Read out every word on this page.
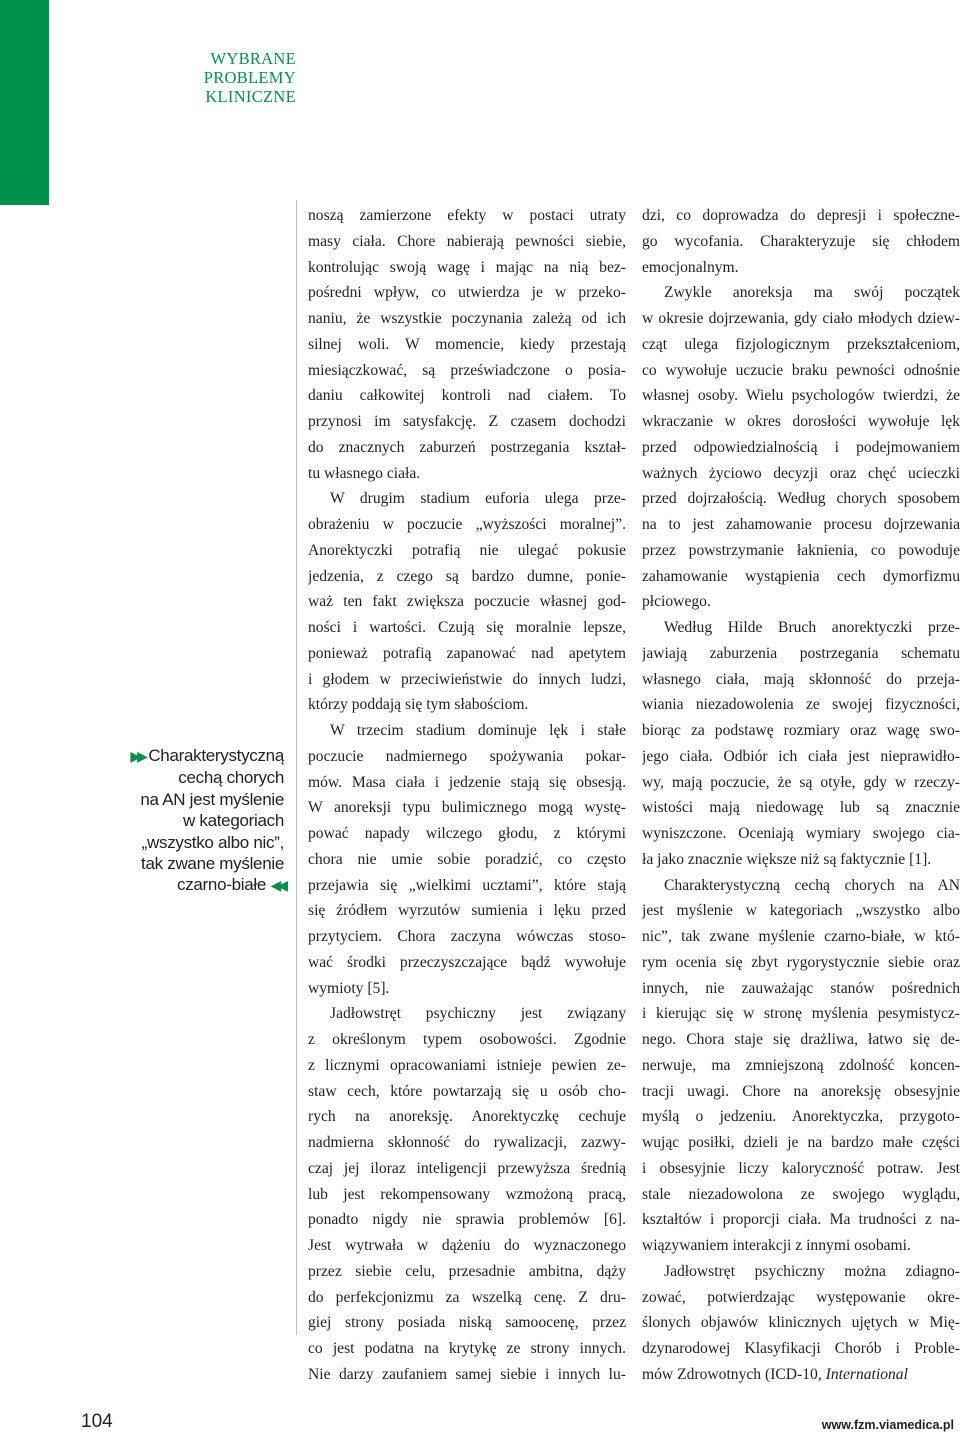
WYBRANE
PROBLEMY
KLINICZNE
▶▶ Charakterystyczną
cechą chorych
na AN jest myślenie
w kategoriach
„wszystko albo nic”,
tak zwane myślenie
czarno-białe ◀◀
noszą zamierzone efekty w postaci utraty
masy ciała. Chore nabierają pewności siebie,
kontrolując swoją wagę i mając na nią bez-
pośredni wpływ, co utwierdza je w przeko-
naniu, że wszystkie poczynania zależą od ich
silnej woli. W momencie, kiedy przestają
miesiączkować, są przeświadczone o posia-
daniu całkowitej kontroli nad ciałem. To
przynosi im satysfakcję. Z czasem dochodzi
do znacznych zaburzeń postrzegania kształ-
tu własnego ciała.
W drugim stadium euforia ulega prze-
obrażeniu w poczucie „wyższości moralnej”.
Anorektyczki potrafią nie ulegać pokusie
jedzenia, z czego są bardzo dumne, ponie-
waż ten fakt zwiększa poczucie własnej god-
ności i wartości. Czują się moralnie lepsze,
ponieważ potrafią zapanować nad apetytem
i głodem w przeciwieństwie do innych ludzi,
którzy poddają się tym słabościom.
W trzecim stadium dominuje lęk i stałe
poczucie nadmiernego spożywania pokar-
mów. Masa ciała i jedzenie stają się obsesją.
W anoreksji typu bulimicznego mogą wystę-
pować napady wilczego głodu, z którymi
chora nie umie sobie poradzić, co często
przejawia się „wielkimi ucztami”, które stają
się źródłem wyrzutów sumienia i lęku przed
przytyciem. Chora zaczyna wówczas stoso-
wać środki przeczyszczające bądź wywołuje
wymioty [5].
Jadłowstręt psychiczny jest związany
z określonym typem osobowości. Zgodnie
z licznymi opracowaniami istnieje pewien ze-
staw cech, które powtarzają się u osób cho-
rych na anoreksję. Anorektyczkę cechuje
nadmierna skłonność do rywalizacji, zazwy-
czaj jej iloraz inteligencji przewyższa średnią
lub jest rekompensowany wzmożoną pracą,
ponadto nigdy nie sprawia problemów [6].
Jest wytrwała w dążeniu do wyznaczonego
przez siebie celu, przesadnie ambitna, dąży
do perfekcjonizmu za wszelką cenę. Z dru-
giej strony posiada niską samoocenę, przez
co jest podatna na krytykę ze strony innych.
Nie darzy zaufaniem samej siebie i innych lu-
dzi, co doprowadza do depresji i społeczne-
go wycofania. Charakteryzuje się chłodem
emocjonalnym.
Zwykle anoreksja ma swój początek
w okresie dojrzewania, gdy ciało młodych dziew-
cząt ulega fizjologicznym przekształceniom,
co wywołuje uczucie braku pewności odnośnie
własnej osoby. Wielu psychologów twierdzi, że
wkraczanie w okres dorosłości wywołuje lęk
przed odpowiedzialnością i podejmowaniem
ważnych życiowo decyzji oraz chęć ucieczki
przed dojrzałością. Według chorych sposobem
na to jest zahamowanie procesu dojrzewania
przez powstrzymanie łaknienia, co powoduje
zahamowanie wystąpienia cech dymorfizmu
płciowego.
Według Hilde Bruch anorektyczki prze-
jawiają zaburzenia postrzegania schematu
własnego ciała, mają skłonność do przeja-
wiania niezadowolenia ze swojej fizyczności,
biorąc za podstawę rozmiary oraz wagę swo-
jego ciała. Odbiór ich ciała jest nieprawidło-
wy, mają poczucie, że są otyłe, gdy w rzeczy-
wistości mają niedowagę lub są znacznie
wyniszczone. Oceniają wymiary swojego cia-
ła jako znacznie większe niż są faktycznie [1].
Charakterystyczną cechą chorych na AN
jest myślenie w kategoriach „wszystko albo
nic”, tak zwane myślenie czarno-białe, w któ-
rym ocenia się zbyt rygorystycznie siebie oraz
innych, nie zauważając stanów pośrednich
i kierując się w stronę myślenia pesymistycz-
nego. Chora staje się drażliwa, łatwo się de-
nerwuje, ma zmniejszoną zdolność koncen-
tracji uwagi. Chore na anoreksję obsesyjnie
myślą o jedzeniu. Anorektyczka, przygoto-
wując posiłki, dzieli je na bardzo małe części
i obsesyjnie liczy kaloryczność potraw. Jest
stale niezadowolona ze swojego wyglądu,
kształtów i proporcji ciała. Ma trudności z na-
wiązywaniem interakcji z innymi osobami.
Jadłowstręt psychiczny można zdiagno-
zować, potwierdzając występowanie okre-
ślonych objawów klinicznych ujętych w Mię-
dzynarodowej Klasyfikacji Chorób i Proble-
mów Zdrowotnych (ICD-10, International
104	www.fzm.viamedica.pl
